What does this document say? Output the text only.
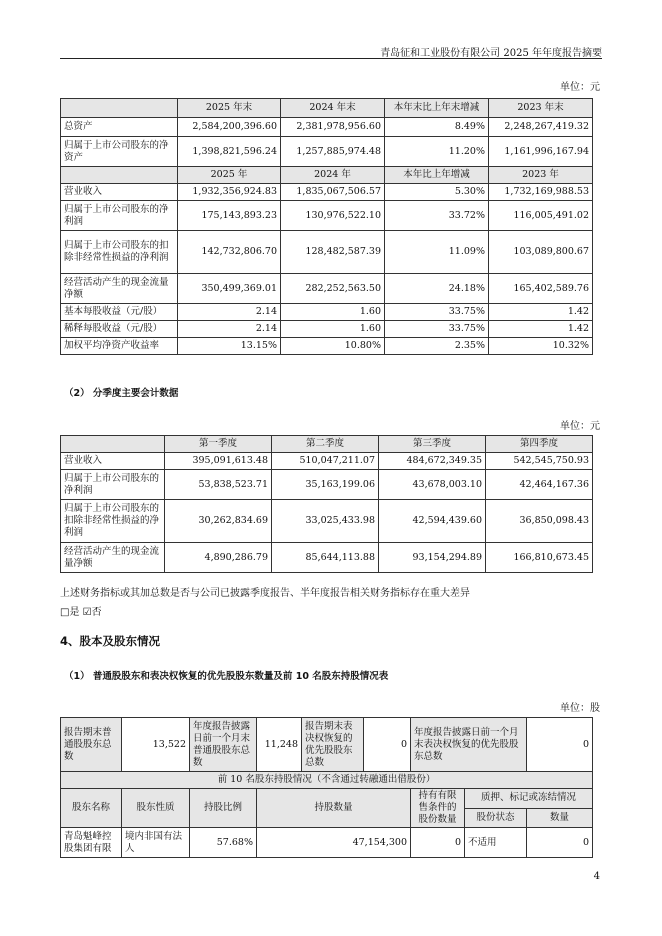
青岛征和工业股份有限公司 2025 年年度报告摘要
单位：元
	2025 年末	2024 年末	本年末比上年末增减	2023 年末
总资产	2,584,200,396.60	2,381,978,956.60	8.49%	2,248,267,419.32
归属于上市公司股东的净资产	1,398,821,596.24	1,257,885,974.48	11.20%	1,161,996,167.94
	2025 年	2024 年	本年比上年增减	2023 年
营业收入	1,932,356,924.83	1,835,067,506.57	5.30%	1,732,169,988.53
归属于上市公司股东的净利润	175,143,893.23	130,976,522.10	33.72%	116,005,491.02
归属于上市公司股东的扣除非经常性损益的净利润	142,732,806.70	128,482,587.39	11.09%	103,089,800.67
经营活动产生的现金流量净额	350,499,369.01	282,252,563.50	24.18%	165,402,589.76
基本每股收益（元/股）	2.14	1.60	33.75%	1.42
稀释每股收益（元/股）	2.14	1.60	33.75%	1.42
加权平均净资产收益率	13.15%	10.80%	2.35%	10.32%
（2） 分季度主要会计数据
单位：元
	第一季度	第二季度	第三季度	第四季度
营业收入	395,091,613.48	510,047,211.07	484,672,349.35	542,545,750.93
归属于上市公司股东的净利润	53,838,523.71	35,163,199.06	43,678,003.10	42,464,167.36
归属于上市公司股东的扣除非经常性损益的净利润	30,262,834.69	33,025,433.98	42,594,439.60	36,850,098.43
经营活动产生的现金流量净额	4,890,286.79	85,644,113.88	93,154,294.89	166,810,673.45
上述财务指标或其加总数是否与公司已披露季度报告、半年度报告相关财务指标存在重大差异
□是 ☑否
4、股本及股东情况
（1） 普通股股东和表决权恢复的优先股股东数量及前 10 名股东持股情况表
单位：股
报告期末普通股股东总数	13,522	年度报告披露日前一个月末普通股股东总数	11,248	报告期末表决权恢复的优先股股东总数	0	年度报告披露日前一个月末表决权恢复的优先股股东总数		0
前 10 名股东持股情况（不含通过转融通出借股份）								
股东名称	股东性质	持股比例	持股数量			持有有限售条件的股份数量	质押、标记或冻结情况	
							股份状态	数量
青岛魁峰控股集团有限	境内非国有法人	57.68%	47,154,300			0	不适用	0
4
